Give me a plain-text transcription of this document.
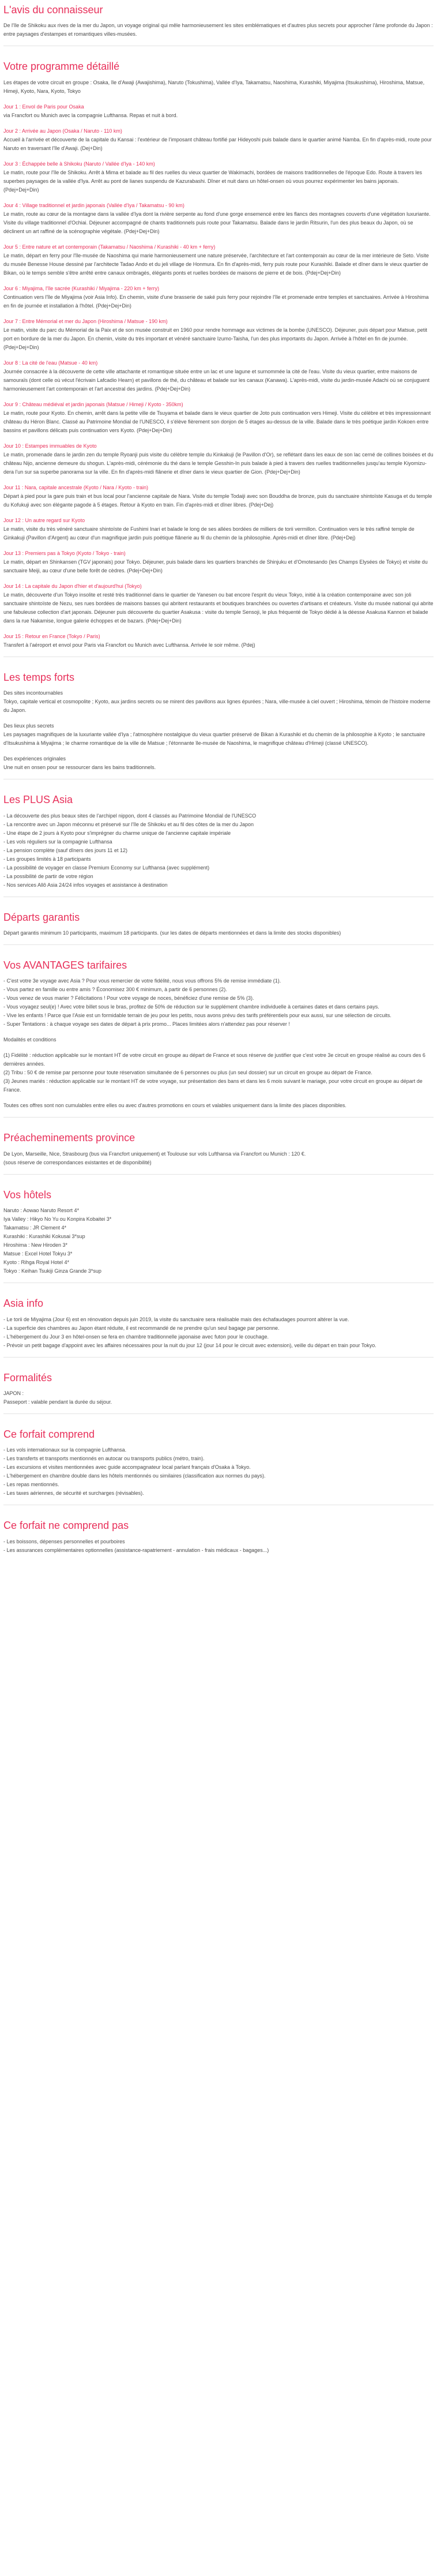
L'avis du connaisseur

De l'île de Shikoku aux rives de la mer du Japon, un voyage original qui mêle harmonieusement les sites emblématiques et d'autres plus secrets pour approcher l'âme profonde du Japon : entre paysages d'estampes et romantiques villes-musées.

Votre programme détaillé

Les étapes de votre circuit en groupe : Osaka, île d'Awaji (Awajishima), Naruto (Tokushima), Vallée d'Iya, Takamatsu, Naoshima, Kurashiki, Miyajima (Itsukushima), Hiroshima, Matsue, Himeji, Kyoto, Nara, Kyoto, Tokyo

Jour 1 : Envol de Paris pour Osaka
via Francfort ou Munich avec la compagnie Lufthansa. Repas et nuit à bord.

Jour 2 : Arrivée au Japon (Osaka / Naruto - 110 km)
Accueil à l'arrivée et découverte de la capitale du Kansai : l'extérieur de l'imposant château fortifié par Hideyoshi puis balade dans le quartier animé Namba. En fin d'après-midi, route pour Naruto en traversant l'île d'Awaji. (Dej+Din)

Jour 3 : Échappée belle à Shikoku (Naruto / Vallée d'Iya - 140 km)
Le matin, route pour l'île de Shikoku. Arrêt à Mima et balade au fil des ruelles du vieux quartier de Wakimachi, bordées de maisons traditionnelles de l'époque Edo. Route à travers les superbes paysages de la vallée d'Iya. Arrêt au pont de lianes suspendu de Kazurabashi. Dîner et nuit dans un hôtel-onsen où vous pourrez expérimenter les bains japonais. (Pdej+Dej+Din)

Jour 4 : Village traditionnel et jardin japonais (Vallée d'Iya / Takamatsu - 90 km)
Le matin, route au cœur de la montagne dans la vallée d'Iya dont la rivière serpente au fond d'une gorge ensemencé entre les flancs des montagnes couverts d'une végétation luxuriante. Visite du village traditionnel d'Ochiai. Déjeuner accompagné de chants traditionnels puis route pour Takamatsu. Balade dans le jardin Ritsurin, l'un des plus beaux du Japon, où se déclinent un art raffiné de la scénographie végétale. (Pdej+Dej+Din)

Jour 5 : Entre nature et art contemporain (Takamatsu / Naoshima / Kurashiki - 40 km + ferry)
Le matin, départ en ferry pour l'île-musée de Naoshima qui marie harmonieusement une nature préservée, l'architecture et l'art contemporain au cœur de la mer intérieure de Seto. Visite du musée Benesse House dessiné par l'architecte Tadao Ando et du jeli village de Honmura. En fin d'après-midi, ferry puis route pour Kurashiki. Balade et dîner dans le vieux quartier de Bikan, où le temps semble s'être arrêté entre canaux ombragés, élégants ponts et ruelles bordées de maisons de pierre et de bois. (Pdej+Dej+Din)

Jour 6 : Miyajima, l'île sacrée (Kurashiki / Miyajima - 220 km + ferry)
Continuation vers l'île de Miyajima (voir Asia Info). En chemin, visite d'une brasserie de saké puis ferry pour rejoindre l'île et promenade entre temples et sanctuaires. Arrivée à Hiroshima en fin de journée et installation à l'hôtel. (Pdej+Dej+Din)

Jour 7 : Entre Mémorial et mer du Japon (Hiroshima / Matsue - 190 km)
Le matin, visite du parc du Mémorial de la Paix et de son musée construit en 1960 pour rendre hommage aux victimes de la bombe (UNESCO). Déjeuner, puis départ pour Matsue, petit port en bordure de la mer du Japon. En chemin, visite du très important et vénéré sanctuaire Izumo-Taisha, l'un des plus importants du Japon. Arrivée à l'hôtel en fin de journée. (Pdej+Dej+Din)

Jour 8 : La cité de l'eau (Matsue - 40 km)
Journée consacrée à la découverte de cette ville attachante et romantique située entre un lac et une lagune et surnommée la cité de l'eau. Visite du vieux quartier, entre maisons de samouraïs (dont celle où vécut l'écrivain Lafcadio Hearn) et pavillons de thé, du château et balade sur les canaux (Kanawa). L'après-midi, visite du jardin-musée Adachi où se conjuguent harmonieusement l'art contemporain et l'art ancestral des jardins. (Pdej+Dej+Din)

Jour 9 : Château médiéval et jardin japonais (Matsue / Himeji / Kyoto - 350km)
Le matin, route pour Kyoto. En chemin, arrêt dans la petite ville de Tsuyama et balade dans le vieux quartier de Joto puis continuation vers Himeji. Visite du célèbre et très impressionnant château du Héron Blanc. Classé au Patrimoine Mondial de l'UNESCO, il s'élève fièrement son donjon de 5 étages au-dessus de la ville. Balade dans le très poétique jardin Kokoen entre bassins et pavillons délicats puis continuation vers Kyoto. (Pdej+Dej+Din)

Jour 10 : Estampes immuables de Kyoto
Le matin, promenade dans le jardin zen du temple Ryoanji puis visite du célèbre temple du Kinkakuji (le Pavillon d'Or), se reflétant dans les eaux de son lac cerné de collines boisées et du château Nijo, ancienne demeure du shogun. L'après-midi, cérémonie du thé dans le temple Gesshin-In puis balade à pied à travers des ruelles traditionnelles jusqu'au temple Kiyomizu-dera l'un sur sa superbe panorama sur la ville. En fin d'après-midi flânerie et dîner dans le vieux quartier de Gion. (Pdej+Dej+Din)

Jour 11 : Nara, capitale ancestrale (Kyoto / Nara / Kyoto - train)
Départ à pied pour la gare puis train et bus local pour l'ancienne capitale de Nara. Visite du temple Todaiji avec son Bouddha de bronze, puis du sanctuaire shintoïste Kasuga et du temple du Kofukuji avec son élégante pagode à 5 étages. Retour à Kyoto en train. Fin d'après-midi et dîner libres. (Pdej+Dej)

Jour 12 : Un autre regard sur Kyoto
Le matin, visite du très vénéré sanctuaire shintoïste de Fushimi Inari et balade le long de ses allées bordées de milliers de torii vermillon. Continuation vers le très raffiné temple de Ginkakuji (Pavillon d'Argent) au cœur d'un magnifique jardin puis poétique flânerie au fil du chemin de la philosophie. Après-midi et dîner libre. (Pdej+Dej)

Jour 13 : Premiers pas à Tokyo (Kyoto / Tokyo - train)
Le matin, départ en Shinkansen (TGV japonais) pour Tokyo. Déjeuner, puis balade dans les quartiers branchés de Shinjuku et d'Omotesando (les Champs Elysées de Tokyo) et visite du sanctuaire Meiji, au cœur d'une belle forêt de cèdres. (Pdej+Dej+Din)

Jour 14 : La capitale du Japon d'hier et d'aujourd'hui (Tokyo)
Le matin, découverte d'un Tokyo insolite et resté très traditionnel dans le quartier de Yanesen ou bat encore l'esprit du vieux Tokyo, initié à la création contemporaine avec son joli sanctuaire shintoïste de Nezu, ses rues bordées de maisons basses qui abritent restaurants et boutiques branchées ou ouvertes d'artisans et créateurs. Visite du musée national qui abrite une fabuleuse collection d'art japonais. Déjeuner puis découverte du quartier Asakusa : visite du temple Sensoji, le plus fréquenté de Tokyo dédié à la déesse Asakusa Kannon et balade dans la rue Nakamise, longue galerie échoppes et de bazars. (Pdej+Dej+Din)

Jour 15 : Retour en France (Tokyo / Paris)
Transfert à l'aéroport et envol pour Paris via Francfort ou Munich avec Lufthansa. Arrivée le soir même. (Pdej)

Les temps forts

Des sites incontournables
Tokyo, capitale vertical et cosmopolite ; Kyoto, aux jardins secrets ou se mirent des pavillons aux lignes épurées ; Nara, ville-musée à ciel ouvert ; Hiroshima, témoin de l'histoire moderne du Japon.

Des lieux plus secrets
Les paysages magnifiques de la luxuriante vallée d'Iya ; l'atmosphère nostalgique du vieux quartier préservé de Bikan à Kurashiki et du chemin de la philosophie à Kyoto ; le sanctuaire d'Itsukushima à Miyajima ; le charme romantique de la ville de Matsue ; l'étonnante île-musée de Naoshima, le magnifique château d'Himeji (classé UNESCO).

Des expériences originales
Une nuit en onsen pour se ressourcer dans les bains traditionnels.

Les PLUS Asia
- La découverte des plus beaux sites de l'archipel nippon, dont 4 classés au Patrimoine Mondial de l'UNESCO
- La rencontre avec un Japon méconnu et préservé sur l'île de Shikoku et au fil des côtes de la mer du Japon
- Une étape de 2 jours à Kyoto pour s'imprégner du charme unique de l'ancienne capitale impériale
- Les vols réguliers sur la compagnie Lufthansa
- La pension complète (sauf dîners des jours 11 et 12)
- Les groupes limités à 18 participants
- La possibilité de voyager en classe Premium Economy sur Lufthansa (avec supplément)
- La possibilité de partir de votre région
- Nos services Allô Asia 24/24 infos voyages et assistance à destination
Départs garantis

Départ garantis minimum 10 participants, maximum 18 participants. (sur les dates de départs mentionnées et dans la limite des stocks disponibles)

Vos AVANTAGES tarifaires
- C'est votre 3e voyage avec Asia ? Pour vous remercier de votre fidélité, nous vous offrons 5% de remise immédiate (1).
- Vous partez en famille ou entre amis ? Économisez 300 € minimum, à partir de 6 personnes (2).
- Vous venez de vous marier ? Félicitations ! Pour votre voyage de noces, bénéficiez d'une remise de 5% (3).
- Vous voyagez seul(e) ! Avec votre billet sous le bras, profitez de 50% de réduction sur le supplément chambre individuelle à certaines dates et dans certains pays.
- Vive les enfants ! Parce que l'Asie est un formidable terrain de jeu pour les petits, nous avons prévu des tarifs préférentiels pour eux aussi, sur une sélection de circuits.
- Super Tentations : à chaque voyage ses dates de départ à prix promo... Places limitées alors n'attendez pas pour réserver !

Modalités et conditions

(1) Fidélité : réduction applicable sur le montant HT de votre circuit en groupe au départ de France et sous réserve de justifier que c'est votre 3e circuit en groupe réalisé au cours des 6 dernières années.
(2) Tribu : 50 € de remise par personne pour toute réservation simultanée de 6 personnes ou plus (un seul dossier) sur un circuit en groupe au départ de France.
(3) Jeunes mariés : réduction applicable sur le montant HT de votre voyage, sur présentation des bans et dans les 6 mois suivant le mariage, pour votre circuit en groupe au départ de France.

Toutes ces offres sont non cumulables entre elles ou avec d'autres promotions en cours et valables uniquement dans la limite des places disponibles.

Préacheminements province

De Lyon, Marseille, Nice, Strasbourg (bus via Francfort uniquement) et Toulouse sur vols Lufthansa via Francfort ou Munich : 120 €.
(sous réserve de correspondances existantes et de disponibilité)

Vos hôtels
Naruto : Aowao Naruto Resort 4*
Iya Valley : Hikyo No Yu ou Konpira Kobaitei 3*
Takamatsu : JR Clement 4*
Kurashiki : Kurashiki Kokusai 3*sup
Hiroshima : New Hiroden 3*
Matsue : Excel Hotel Tokyu 3*
Kyoto : Rihga Royal Hotel 4*
Tokyo : Keihan Tsukiji Ginza Grande 3*sup
Asia info
- Le torii de Miyajima (Jour 6) est en rénovation depuis juin 2019, la visite du sanctuaire sera réalisable mais des échafaudages pourront altérer la vue.
- La superficie des chambres au Japon étant réduite, il est recommandé de ne prendre qu'un seul bagage par personne.
- L'hébergement du Jour 3 en hôtel-onsen se fera en chambre traditionnelle japonaise avec futon pour le couchage.
- Prévoir un petit bagage d'appoint avec les affaires nécessaires pour la nuit du jour 12 (jour 14 pour le circuit avec extension), veille du départ en train pour Tokyo.
Formalités

JAPON :
Passeport : valable pendant la durée du séjour.

Ce forfait comprend
- Les vols internationaux sur la compagnie Lufthansa.
- Les transferts et transports mentionnés en autocar ou transports publics (métro, train).
- Les excursions et visites mentionnées avec guide accompagnateur local parlant français d'Osaka à Tokyo.
- L'hébergement en chambre double dans les hôtels mentionnés ou similaires (classification aux normes du pays).
- Les repas mentionnés.
- Les taxes aériennes, de sécurité et surcharges (révisables).
Ce forfait ne comprend pas
- Les boissons, dépenses personnelles et pourboires
- Les assurances complémentaires optionnelles (assistance-rapatriement - annulation - frais médicaux - bagages...)
